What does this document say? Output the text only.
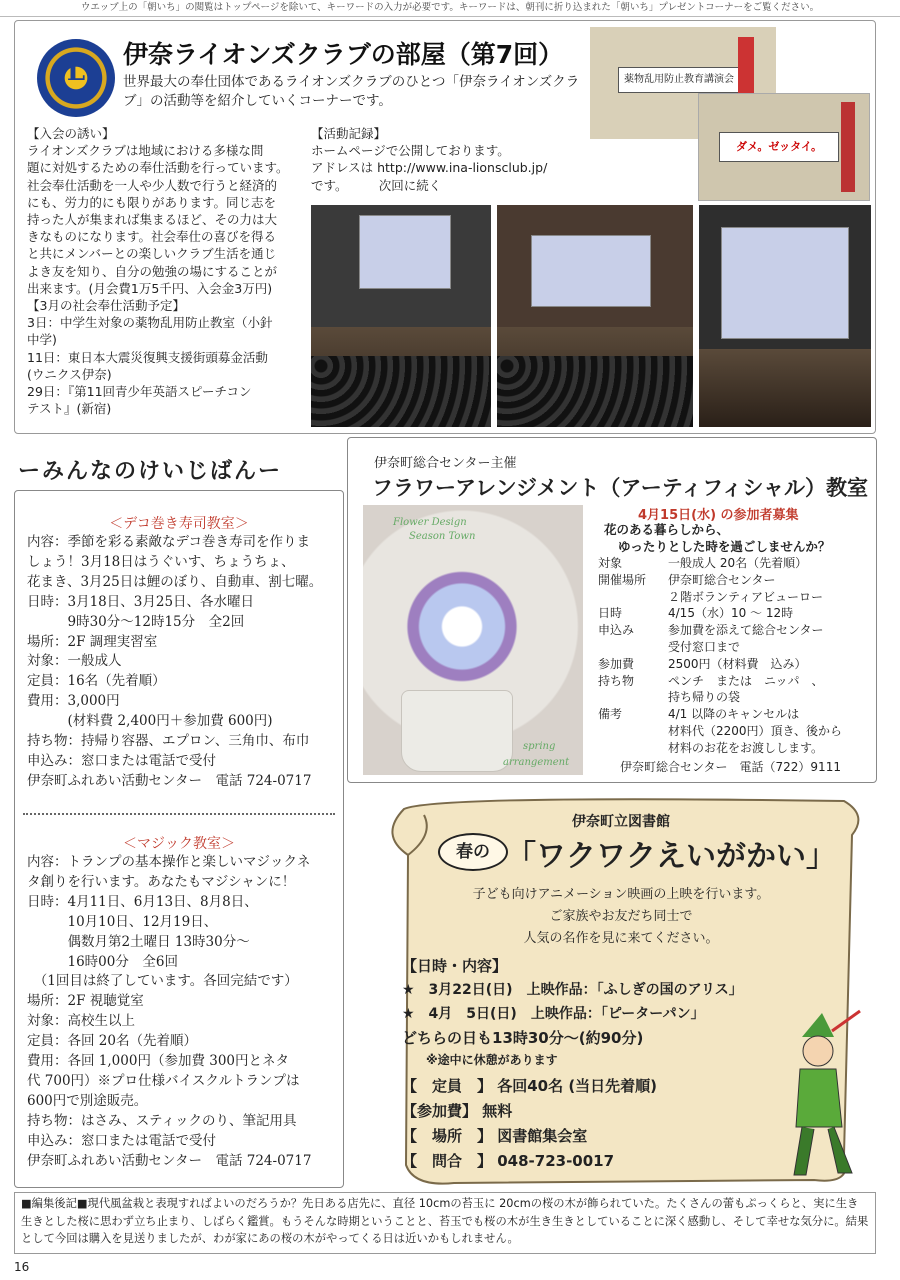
ウエッブ上の「朝いち」の閲覧はトップページを除いて、キーワードの入力が必要です。キーワードは、朝刊に折り込まれた「朝いち」プレゼントコーナーをご覧ください。
L
伊奈ライオンズクラブの部屋（第7回）
世界最大の奉仕団体であるライオンズクラブのひとつ「伊奈ライオンズクラブ」の活動等を紹介していくコーナーです。
【入会の誘い】
ライオンズクラブは地域における多様な問
題に対処するための奉仕活動を行っています。
社会奉仕活動を一人や少人数で行うと経済的
にも、労力的にも限りがあります。同じ志を
持った人が集まれば集まるほど、その力は大
きなものになります。社会奉仕の喜びを得る
と共にメンバーとの楽しいクラブ生活を通じ
よき友を知り、自分の勉強の場にすることが
出来ます。(月会費1万5千円、入会金3万円)
【3月の社会奉仕活動予定】
3日：中学生対象の薬物乱用防止教室（小針
中学)
11日：東日本大震災復興支援街頭募金活動
(ウニクス伊奈)
29日：『第11回青少年英語スピーチコン
テスト』(新宿)
【活動記録】
ホームページで公開しております。
アドレスは http://www.ina-lionsclub.jp/
です。　　　次回に続く
薬物乱用防止教育講演会
ダメ。ゼッタイ。
ーみんなのけいじばんー
＜デコ巻き寿司教室＞
内容：季節を彩る素敵なデコ巻き寿司を作りま
しょう！3月18日はうぐいす、ちょうちょ、
花まき、3月25日は鯉のぼり、自動車、割七曜。
日時：3月18日、3月25日、各水曜日
　　　9時30分～12時15分　全2回
場所：2F 調理実習室
対象：一般成人
定員：16名（先着順）
費用：3,000円
　　　(材料費 2,400円＋参加費 600円)
持ち物：持帰り容器、エプロン、三角巾、布巾
申込み：窓口または電話で受付
伊奈町ふれあい活動センター　電話 724-0717
＜マジック教室＞
内容：トランプの基本操作と楽しいマジックネ
タ創りを行います。あなたもマジシャンに！
日時：4月11日、6月13日、8月8日、
　　　10月10日、12月19日、
　　　偶数月第2土曜日 13時30分～
　　　16時00分　全6回
　（1回目は終了しています。各回完結です）
場所：2F 視聴覚室
対象：高校生以上
定員：各回 20名（先着順）
費用：各回 1,000円（参加費 300円とネタ
代 700円）※プロ仕様バイスクルトランプは
600円で別途販売。
持ち物：はさみ、スティックのり、筆記用具
申込み：窓口または電話で受付
伊奈町ふれあい活動センター　電話 724-0717
伊奈町総合センター主催
フラワーアレンジメント（アーティフィシャル）教室
4月15日(水) の参加者募集
花のある暮らしから、
ゆったりとした時を過ごしませんか？
対象	一般成人 20名（先着順）
開催場所	伊奈町総合センター
２階ボランティアビューロー
日時	4/15（水）10 ～ 12時
申込み	参加費を添えて総合センター
受付窓口まで
参加費	2500円（材料費　込み）
持ち物	ペンチ　または　ニッパ　、
持ち帰りの袋
備考	4/1 以降のキャンセルは
材料代（2200円）頂き、後から
材料のお花をお渡しします。
伊奈町総合センター　電話（722）9111
Flower Design
Season Town
spring
arrangement
伊奈町立図書館
春の 「ワクワクえいがかい」
子ども向けアニメーション映画の上映を行います。
ご家族やお友だち同士で
人気の名作を見に来てください。
【日時・内容】
★　3月22日(日)　上映作品：「ふしぎの国のアリス」
★　4月　5日(日)　上映作品：「ピーターパン」
どちらの日も13時30分～(約90分)
※途中に休憩があります
【　定員　】 各回40名 (当日先着順)
【参加費】 無料
【　場所　】 図書館集会室
【　問合　】 048-723-0017
■編集後記■現代風盆栽と表現すればよいのだろうか？先日ある店先に、直径 10cmの苔玉に 20cmの桜の木が飾られていた。たくさんの蕾もぷっくらと、実に生き生きとした桜に思わず立ち止まり、しばらく鑑賞。もうそんな時期ということと、苔玉でも桜の木が生き生きとしていることに深く感動し、そして幸せな気分に。結果として今回は購入を見送りましたが、わが家にあの桜の木がやってくる日は近いかもしれません。
16
